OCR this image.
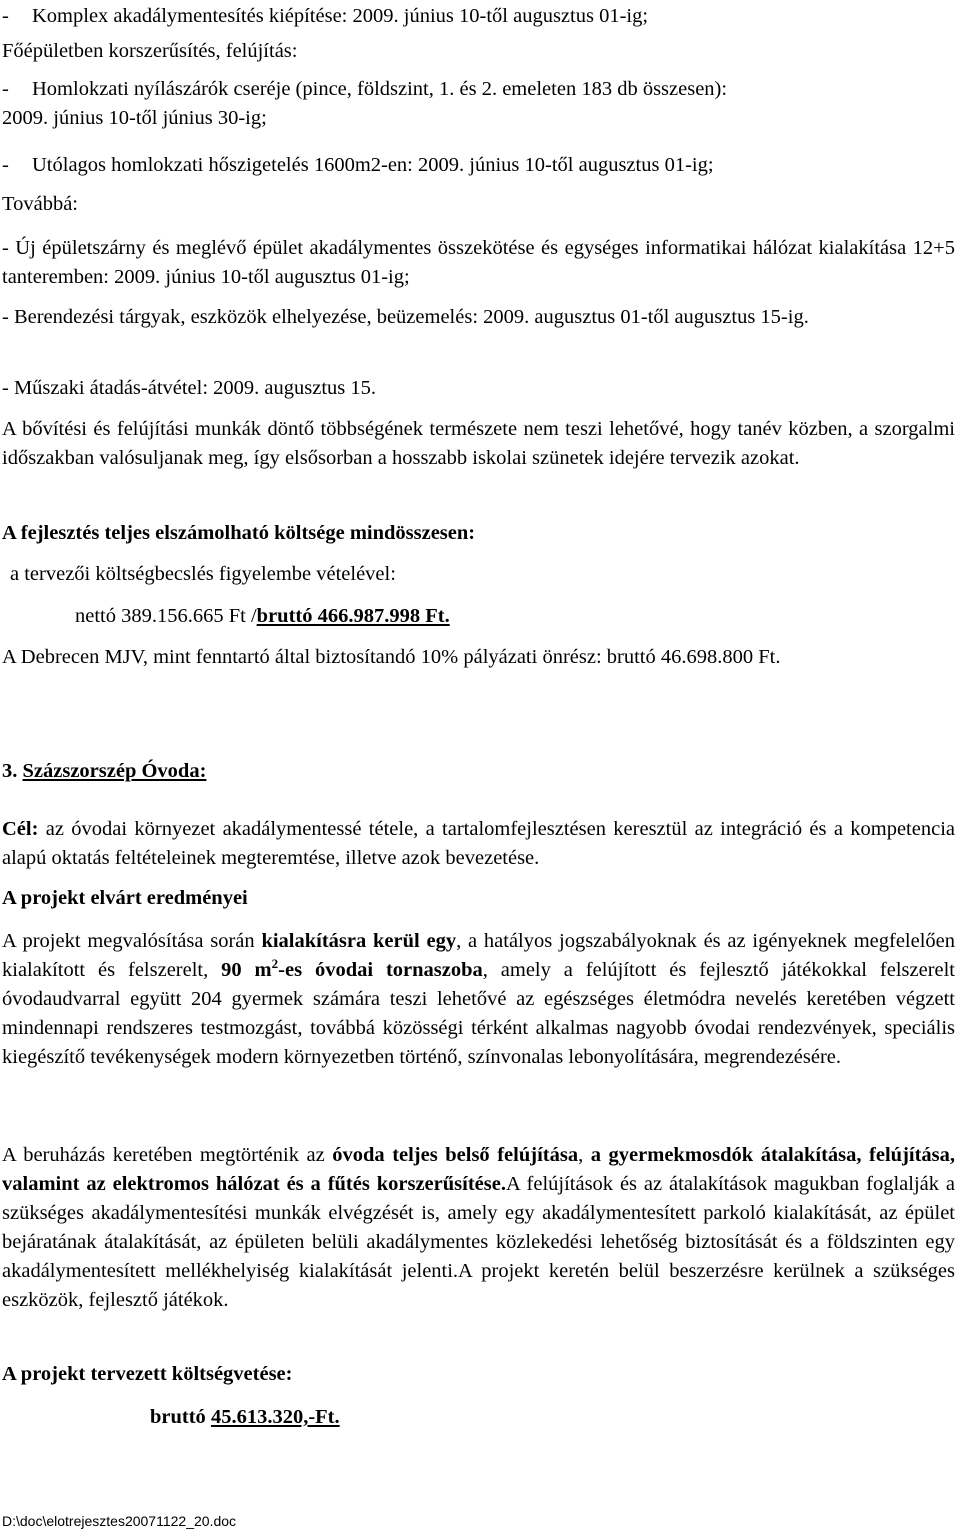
- Komplex akadálymentesítés kiépítése: 2009. június 10-től augusztus 01-ig;

Főépületben korszerűsítés, felújítás:

- Homlokzati nyílászárók cseréje (pince, földszint, 1. és 2. emeleten 183 db összesen):
2009. június 10-től június 30-ig;

- Utólagos homlokzati hőszigetelés 1600m2-en: 2009. június 10-től augusztus 01-ig;

Továbbá:

- Új épületszárny és meglévő épület akadálymentes összekötése és egységes informatikai hálózat kialakítása 12+5 tanteremben: 2009. június 10-től augusztus 01-ig;

- Berendezési tárgyak, eszközök elhelyezése, beüzemelés: 2009. augusztus 01-től augusztus 15-ig.

- Műszaki átadás-átvétel: 2009. augusztus 15.

A bővítési és felújítási munkák döntő többségének természete nem teszi lehetővé, hogy tanév közben, a szorgalmi időszakban valósuljanak meg, így elsősorban a hosszabb iskolai szünetek idejére tervezik azokat.

A fejlesztés teljes elszámolható költsége mindösszesen:

a tervezői költségbecslés figyelembe vételével:

nettó 389.156.665 Ft /bruttó 466.987.998 Ft.

A Debrecen MJV, mint fenntartó által biztosítandó 10% pályázati önrész: bruttó 46.698.800 Ft.

3. Százszorszép Óvoda:

Cél: az óvodai környezet akadálymentessé tétele, a tartalomfejlesztésen keresztül az integráció és a kompetencia alapú oktatás feltételeinek megteremtése, illetve azok bevezetése.

A projekt elvárt eredményei

A projekt megvalósítása során kialakításra kerül egy, a hatályos jogszabályoknak és az igényeknek megfelelően kialakított és felszerelt, 90 $m^2-es$ óvodai tornaszoba, amely a felújított és fejlesztő játékokkal felszerelt óvodaudvarral együtt 204 gyermek számára teszi lehetővé az egészséges életmódra nevelés keretében végzett mindennapi rendszeres testmozgást, továbbá közösségi térként alkalmas nagyobb óvodai rendezvények, speciális kiegészítő tevékenységek modern környezetben történő, színvonalas lebonyolítására, megrendezésére.

A beruházás keretében megtörténik az óvoda teljes belső felújítása, a gyermekmosdók átalakítása, felújítása, valamint az elektromos hálózat és a fűtés korszerűsítése.A felújítások és az átalakítások magukban foglalják a szükséges akadálymentesítési munkák elvégzését is, amely egy akadálymentesített parkoló kialakítását, az épület bejáratának átalakítását, az épületen belüli akadálymentes közlekedési lehetőség biztosítását és a földszinten egy akadálymentesített mellékhelyiség kialakítását jelenti.A projekt keretén belül beszerzésre kerülnek a szükséges eszközök, fejlesztő játékok.

A projekt tervezett költségvetése:

bruttó 45.613.320,-Ft.

D:\doc\elotrejesztes20071122_20.doc
